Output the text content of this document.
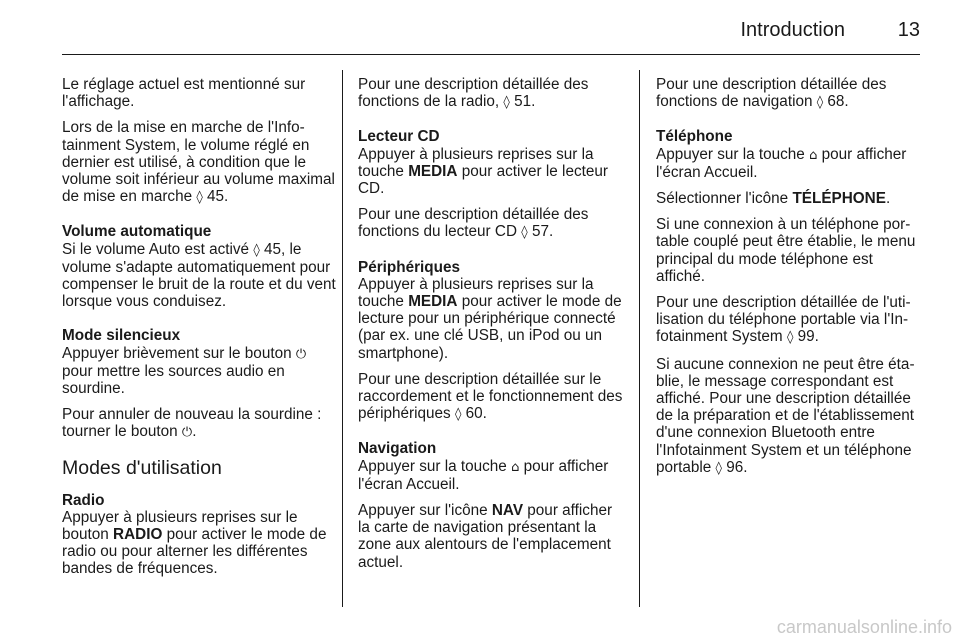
Introduction	13

Le réglage actuel est mentionné sur l'affichage.

Lors de la mise en marche de l'Infotainment System, le volume réglé en dernier est utilisé, à condition que le volume soit inférieur au volume maximal de mise en marche ◊ 45.

Volume automatique
Si le volume Auto est activé ◊ 45, le volume s'adapte automatiquement pour compenser le bruit de la route et du vent lorsque vous conduisez.

Mode silencieux
Appuyer brièvement sur le bouton ⏻ pour mettre les sources audio en sourdine.

Pour annuler de nouveau la sourdine : tourner le bouton ⏻.

Modes d'utilisation

Radio
Appuyer à plusieurs reprises sur le bouton RADIO pour activer le mode de radio ou pour alterner les différentes bandes de fréquences.

Pour une description détaillée des fonctions de la radio, ◊ 51.

Lecteur CD
Appuyer à plusieurs reprises sur la touche MEDIA pour activer le lecteur CD.

Pour une description détaillée des fonctions du lecteur CD ◊ 57.

Périphériques
Appuyer à plusieurs reprises sur la touche MEDIA pour activer le mode de lecture pour un périphérique connecté (par ex. une clé USB, un iPod ou un smartphone).

Pour une description détaillée sur le raccordement et le fonctionnement des périphériques ◊ 60.

Navigation
Appuyer sur la touche ⌂ pour afficher l'écran Accueil.

Appuyer sur l'icône NAV pour afficher la carte de navigation présentant la zone aux alentours de l'emplacement actuel.

Pour une description détaillée des fonctions de navigation ◊ 68.

Téléphone
Appuyer sur la touche ⌂ pour afficher l'écran Accueil.

Sélectionner l'icône TÉLÉPHONE.

Si une connexion à un téléphone portable couplé peut être établie, le menu principal du mode téléphone est affiché.

Pour une description détaillée de l'utilisation du téléphone portable via l'Infotainment System ◊ 99.

Si aucune connexion ne peut être établie, le message correspondant est affiché. Pour une description détaillée de la préparation et de l'établissement d'une connexion Bluetooth entre l'Infotainment System et un téléphone portable ◊ 96.

carmanualsonline.info
